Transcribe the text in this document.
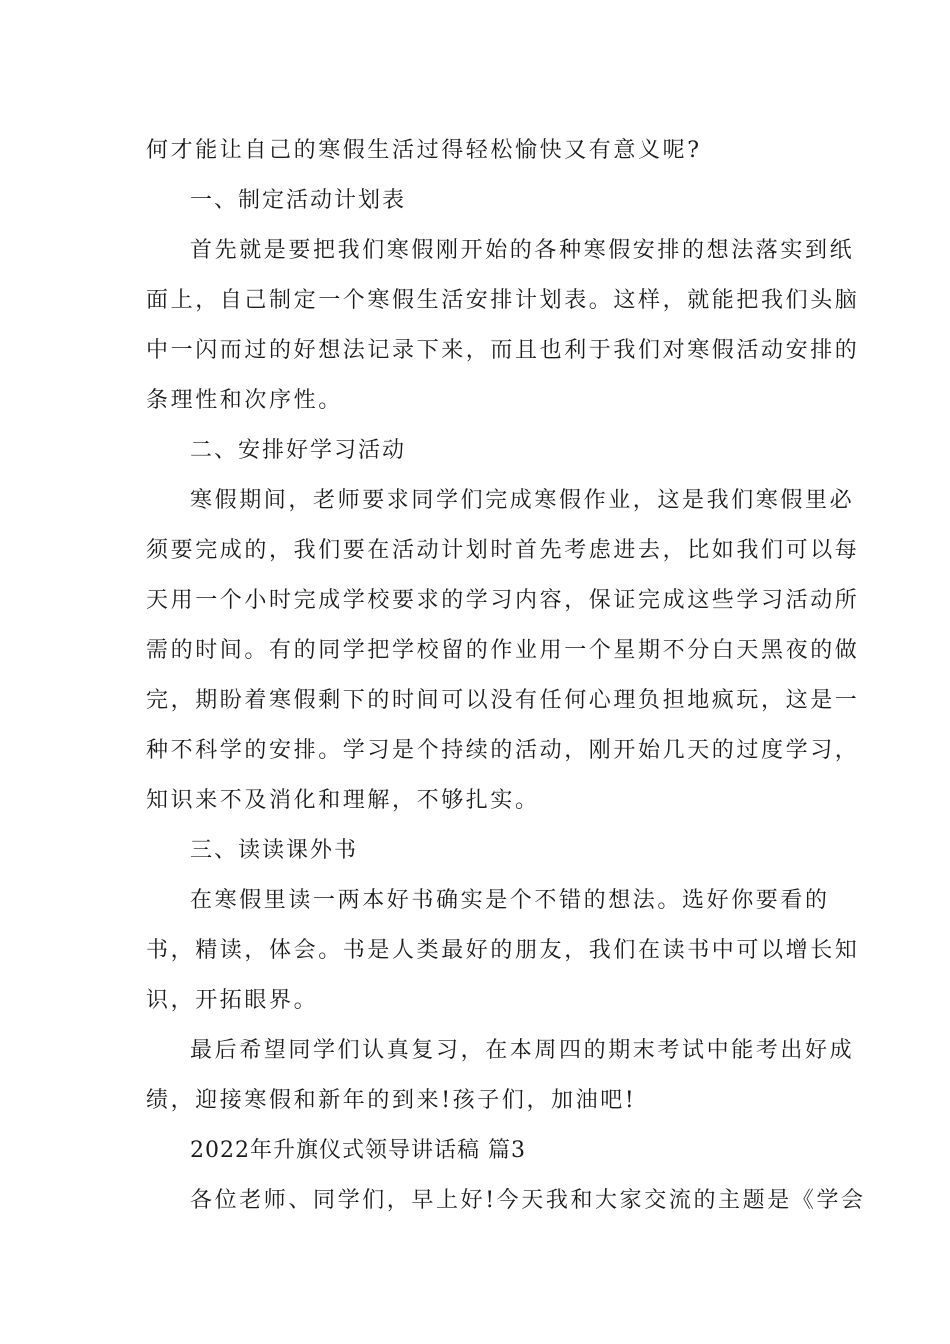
何才能让自己的寒假生活过得轻松愉快又有意义呢?
一、制定活动计划表
首先就是要把我们寒假刚开始的各种寒假安排的想法落实到纸
面上，自己制定一个寒假生活安排计划表。这样，就能把我们头脑
中一闪而过的好想法记录下来，而且也利于我们对寒假活动安排的
条理性和次序性。
二、安排好学习活动
寒假期间，老师要求同学们完成寒假作业，这是我们寒假里必
须要完成的，我们要在活动计划时首先考虑进去，比如我们可以每
天用一个小时完成学校要求的学习内容，保证完成这些学习活动所
需的时间。有的同学把学校留的作业用一个星期不分白天黑夜的做
完，期盼着寒假剩下的时间可以没有任何心理负担地疯玩，这是一
种不科学的安排。学习是个持续的活动，刚开始几天的过度学习，
知识来不及消化和理解，不够扎实。
三、读读课外书
在寒假里读一两本好书确实是个不错的想法。选好你要看的
书，精读，体会。书是人类最好的朋友，我们在读书中可以增长知
识，开拓眼界。
最后希望同学们认真复习，在本周四的期末考试中能考出好成
绩，迎接寒假和新年的到来!孩子们，加油吧!
2022年升旗仪式领导讲话稿 篇3
各位老师、同学们，早上好!今天我和大家交流的主题是《学会
